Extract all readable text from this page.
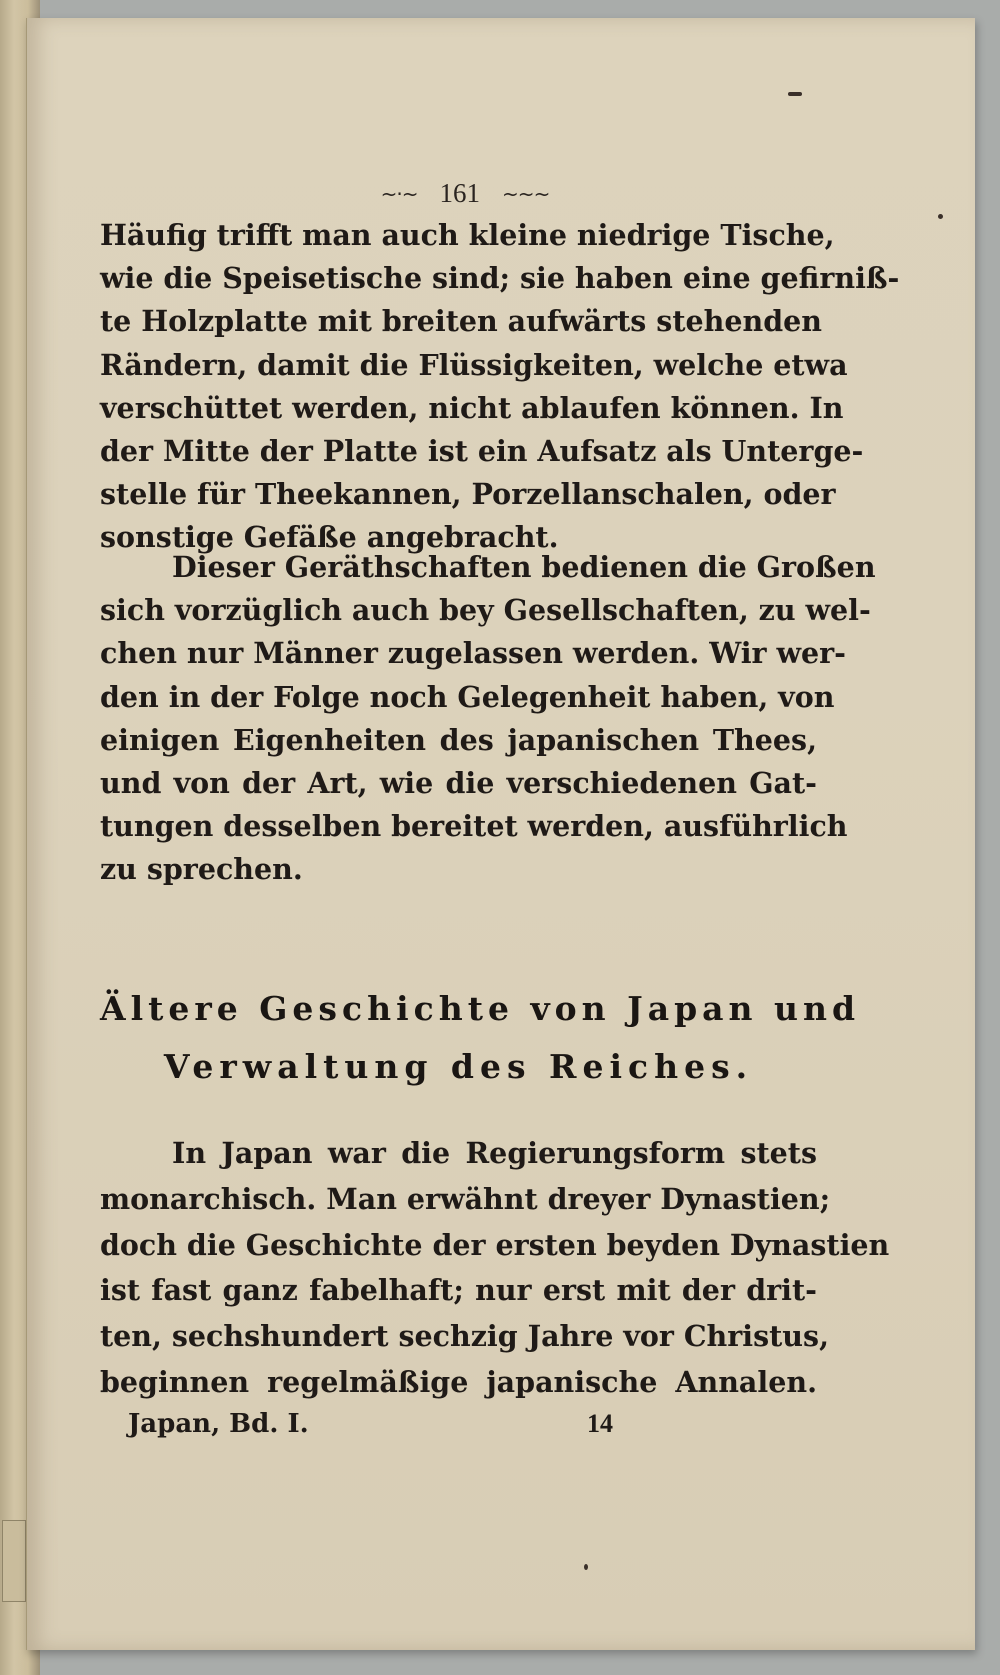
~·~ 161 ~~~
Häufig trifft man auch kleine niedrige Tische,
wie die Speisetische sind; sie haben eine gefirniß-
te Holzplatte mit breiten aufwärts stehenden
Rändern, damit die Flüssigkeiten, welche etwa
verschüttet werden, nicht ablaufen können. In
der Mitte der Platte ist ein Aufsatz als Unterge-
stelle für Theekannen, Porzellanschalen, oder
sonstige Gefäße angebracht.
Dieser Geräthschaften bedienen die Großen
sich vorzüglich auch bey Gesellschaften, zu wel-
chen nur Männer zugelassen werden. Wir wer-
den in der Folge noch Gelegenheit haben, von
einigen Eigenheiten des japanischen Thees,
und von der Art, wie die verschiedenen Gat-
tungen desselben bereitet werden, ausführlich
zu sprechen.
Ältere Geschichte von Japan und
Verwaltung des Reiches.
In Japan war die Regierungsform stets
monarchisch. Man erwähnt dreyer Dynastien;
doch die Geschichte der ersten beyden Dynastien
ist fast ganz fabelhaft; nur erst mit der drit-
ten, sechshundert sechzig Jahre vor Christus,
beginnen regelmäßige japanische Annalen.
Japan, Bd. I.	14
